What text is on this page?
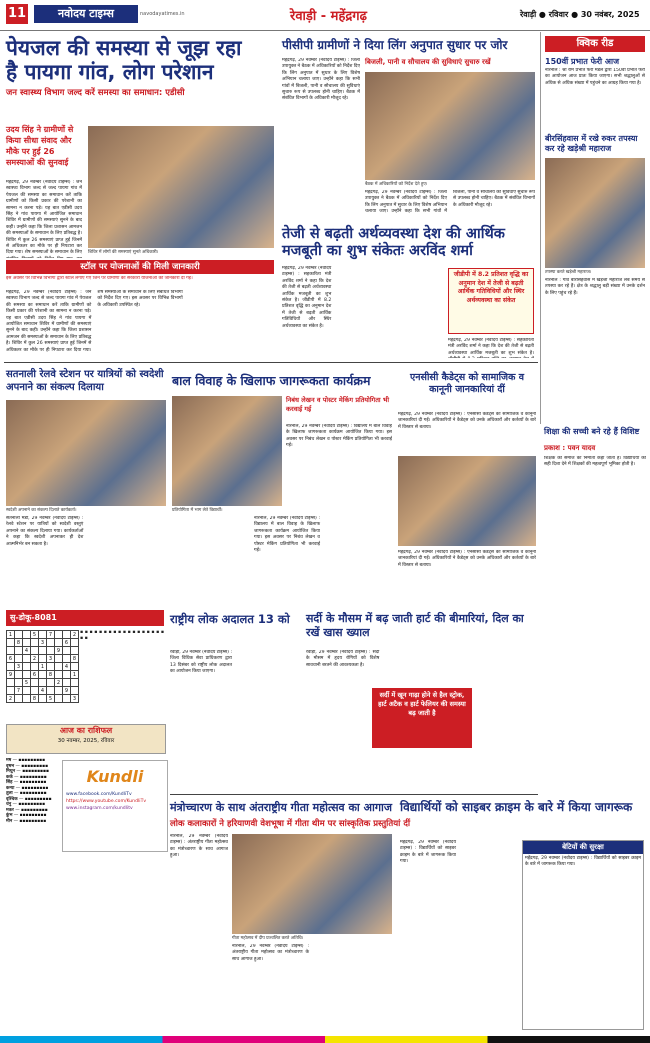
11	नवोदय टाइम्स	navodayatimes.in	रेवाड़ी - महेंद्रगढ़	रेवाड़ी ● रविवार ● 30 नवंबर, 2025
पेयजल की समस्या से जूझ रहा
है पायगा गांव, लोग परेशान
जन स्वास्थ्य विभाग जल्द करें समस्या का समाधान: एडीसी
उदय सिंह ने ग्रामीणों से किया सीधा संवाद और मौके पर हुई 26 समस्याओं की सुनवाई
शिविर में लोगों की समस्याएं सुनते अधिकारी।
महेंद्रगढ़, 29 नवम्बर (नवोदय टाइम्स) : जन स्वास्थ्य विभाग जल्द से जल्द पायगा गांव में पेयजल की समस्या का समाधान करें ताकि ग्रामीणों को किसी प्रकार की परेशानी का सामना न करना पड़े। यह बात एडीसी उदय सिंह ने गांव पायगा में आयोजित समाधान शिविर में ग्रामीणों की समस्याएं सुनने के बाद कही। उन्होंने कहा कि जिला प्रशासन आमजन की समस्याओं के समाधान के लिए प्रतिबद्ध है। शिविर में कुल 26 समस्याएं प्राप्त हुई जिनमें से अधिकतर का मौके पर ही निपटारा कर दिया गया। शेष समस्याओं के समाधान के लिए
स्टॉल पर योजनाओं की मिली जानकारी
इस अवसर पर विभिन्न विभागों द्वारा स्टॉल लगाए गए जिन पर ग्रामीणों को सरकारी योजनाओं की जानकारी दी गई।
महेंद्रगढ़, 29 नवम्बर (नवोदय टाइम्स) : जन स्वास्थ्य विभाग जल्द से जल्द पायगा गांव में पेयजल की समस्या का समाधान करें ताकि ग्रामीणों को किसी प्रकार की परेशानी का सामना न करना पड़े। यह बात एडीसी उदय सिंह ने गांव पायगा में आयोजित समाधान शिविर में ग्रामीणों की समस्याएं सुनने के बाद कही। उन्होंने कहा कि जिला प्रशासन आमजन की समस्याओं के समाधान के लिए प्रतिबद्ध है। शिविर में कुल 26 समस्याएं प्राप्त हुई जिनमें से अधिकतर का मौके पर ही निपटारा कर दिया गया। शेष समस्याओं के समाधान के लिए संबंधित विभागों को निर्देश दिए गए। इस अवसर पर विभिन्न विभागों के अधिकारी उपस्थित रहे।
पीसीपी ग्रामीणों ने दिया लिंग अनुपात सुधार पर जोर
महेंद्रगढ़, 29 नवम्बर (नवोदय टाइम्स) : जिला उपायुक्त ने बैठक में अधिकारियों को निर्देश दिए कि लिंग अनुपात में सुधार के लिए विशेष अभियान चलाया जाए। उन्होंने कहा कि सभी गांवों में बिजली, पानी व सौचालय की सुविधाएं सुचारु रूप से उपलब्ध होनी चाहिए। बैठक में संबंधित विभागों के अधिकारी मौजूद रहे।
बिजली, पानी व सौचालय की सुविधाएं सुचारु रखें
बैठक में अधिकारियों को निर्देश देते हुए।
महेंद्रगढ़, 29 नवम्बर (नवोदय टाइम्स) : जिला उपायुक्त ने बैठक में अधिकारियों को निर्देश दिए कि लिंग अनुपात में सुधार के लिए विशेष अभियान चलाया जाए। उन्होंने कहा कि सभी गांवों में बिजली, पानी व सौचालय की सुविधाएं सुचारु रूप से उपलब्ध होनी चाहिए। बैठक में संबंधित विभागों के अधिकारी मौजूद रहे।
तेजी से बढ़ती अर्थव्यवस्था देश की आर्थिक
मजबूती का शुभ संकेतः अरविंद शर्मा
महेंद्रगढ़, 29 नवम्बर (नवोदय टाइम्स) : सहकारिता मंत्री अरविंद शर्मा ने कहा कि देश की तेजी से बढ़ती अर्थव्यवस्था आर्थिक मजबूती का शुभ संकेत है। जीडीपी में 8.2 प्रतिशत वृद्धि का अनुमान देश में तेजी से बढ़ती आर्थिक गतिविधियों और स्थिर अर्थव्यवस्था का संकेत है।
जीडीपी में 8.2 प्रतिशत वृद्धि का अनुमान देश में तेजी से बढ़ती आर्थिक गतिविधियों और स्थिर अर्थव्यवस्था का संकेत
महेंद्रगढ़, 29 नवम्बर (नवोदय टाइम्स) : सहकारिता मंत्री अरविंद शर्मा ने कहा कि देश की तेजी से बढ़ती अर्थव्यवस्था आर्थिक मजबूती का शुभ संकेत है।
क्विक रीड
150वीं प्रभात फेरी आज
नारनौल : श्री राम प्रभात फेरी मंडल द्वारा 150वीं प्रभात फेरी का आयोजन आज प्रातः किया जाएगा। सभी श्रद्धालुओं से अधिक से अधिक संख्या में पहुंचने का आग्रह किया गया है।
बीरसिंहवास में रखे रुकर तपस्या कर रहे खड़ेश्री महाराज
तपस्या करते खड़ेश्री महाराज।
नारनौल : गांव बीरसिंहवास में खड़ेश्री महाराज लंबे समय से तपस्या कर रहे हैं। क्षेत्र के श्रद्धालु बड़ी संख्या में उनके दर्शन के लिए पहुंच रहे हैं।
शिक्षा की सच्ची बने रहे हैं विशिष्ट
प्रकाश : पवन यादव
शिक्षक को समाज का निर्माता कहा जाता है। विद्यार्थियों को सही दिशा देने में शिक्षकों की महत्वपूर्ण भूमिका होती है।
सतनाली रेलवे स्टेशन पर यात्रियों को स्वदेशी अपनाने का संकल्प दिलाया
स्वदेशी अपनाने का संकल्प दिलाते कार्यकर्ता।
सतनाली मंडी, 29 नवम्बर (नवोदय टाइम्स) : रेलवे स्टेशन पर यात्रियों को स्वदेशी वस्तुएं अपनाने का संकल्प दिलाया गया। कार्यकर्ताओं ने कहा कि स्वदेशी अपनाकर ही देश आत्मनिर्भर बन सकता है।
बाल विवाह के खिलाफ जागरूकता कार्यक्रम
निबंध लेखन व पोस्टर मेकिंग प्रतियोगिता भी करवाई गई
नारनौल, 29 नवम्बर (नवोदय टाइम्स) : विद्यालय में बाल विवाह के खिलाफ जागरूकता कार्यक्रम आयोजित किया गया। इस अवसर पर निबंध लेखन व पोस्टर मेकिंग प्रतियोगिता भी करवाई गई।
प्रतियोगिता में भाग लेते विद्यार्थी।
नारनौल, 29 नवम्बर (नवोदय टाइम्स) : विद्यालय में बाल विवाह के खिलाफ जागरूकता कार्यक्रम आयोजित किया गया। इस अवसर पर निबंध लेखन व पोस्टर मेकिंग प्रतियोगिता भी करवाई गई।
एनसीसी कैडेट्स को सामाजिक व कानूनी जानकारियां दीं
महेंद्रगढ़, 29 नवम्बर (नवोदय टाइम्स) : एनसीसी कैडेट्स को सामाजिक व कानूनी जानकारियां दी गईं। अधिकारियों ने कैडेट्स को उनके अधिकारों और कर्तव्यों के बारे में विस्तार से बताया।
महेंद्रगढ़, 29 नवम्बर (नवोदय टाइम्स) : एनसीसी कैडेट्स को सामाजिक व कानूनी जानकारियां दी गईं। अधिकारियों ने कैडेट्स को उनके अधिकारों और कर्तव्यों के बारे में विस्तार से बताया।
सु-डोकू-8081
1			5		7			2
	8			3			6	
		4				9		
6			2		3			8
	3			1			4	
9			6		8			1
		5				2		
	7			4			9	
2			8		5			3
▪ ▪ ▪ ▪ ▪ ▪ ▪ ▪ ▪ ▪ ▪ ▪ ▪ ▪ ▪ ▪ ▪ ▪ ▪ ▪
राष्ट्रीय लोक अदालत 13 को
रेवाड़ी, 29 नवम्बर (नवोदय टाइम्स) : जिला विधिक सेवा प्राधिकरण द्वारा 13 दिसंबर को राष्ट्रीय लोक अदालत का आयोजन किया जाएगा।
सर्दी के मौसम में बढ़ जाती हार्ट की बीमारियां, दिल का रखें खास ख्याल
रेवाड़ी, 29 नवम्बर (नवोदय टाइम्स) : सर्दी के मौसम में हृदय रोगियों को विशेष सावधानी बरतने की आवश्यकता है।
सर्दी में खून गाढ़ा होने से हैल स्ट्रोक, हार्ट अटैक व हार्ट फेलियर की समस्या बढ़ जाती है
आज का राशिफल
30 नवम्बर, 2025, रविवार
मेष — ▪▪▪▪▪▪▪▪▪
वृषभ — ▪▪▪▪▪▪▪▪▪
मिथुन — ▪▪▪▪▪▪▪▪▪
कर्क — ▪▪▪▪▪▪▪▪▪
सिंह — ▪▪▪▪▪▪▪▪▪
कन्या — ▪▪▪▪▪▪▪▪▪
तुला — ▪▪▪▪▪▪▪▪▪
वृश्चिक — ▪▪▪▪▪▪▪▪▪
धनु — ▪▪▪▪▪▪▪▪▪
मकर — ▪▪▪▪▪▪▪▪▪
कुंभ — ▪▪▪▪▪▪▪▪▪
मीन — ▪▪▪▪▪▪▪▪▪
Kundli
www.facebook.com/KundliTv
https://www.youtube.com/KundliTv
www.instagram.com/kundlitv	मंत्रोच्चारण के साथ अंतराष्ट्रीय गीता महोत्सव का आगाज
लोक कलाकारों ने हरियाणवी वेशभूषा में गीता थीम पर सांस्कृतिक प्रस्तुतियां दीं
नारनौल, 29 नवम्बर (नवोदय टाइम्स) : अंतराष्ट्रीय गीता महोत्सव का मंत्रोच्चारण के साथ आगाज हुआ।
गीता महोत्सव में दीप प्रज्वलित करते अतिथि।
नारनौल, 29 नवम्बर (नवोदय टाइम्स) : अंतराष्ट्रीय गीता महोत्सव का मंत्रोच्चारण के साथ आगाज हुआ।
विद्यार्थियों को साइबर क्राइम के बारे में किया जागरूक
महेंद्रगढ़, 29 नवम्बर (नवोदय टाइम्स) : विद्यार्थियों को साइबर क्राइम के बारे में जागरूक किया गया।
बेटियों की सुरक्षा
महेंद्रगढ़, 29 नवम्बर (नवोदय टाइम्स) : विद्यार्थियों को साइबर क्राइम के बारे में जागरूक किया गया।
